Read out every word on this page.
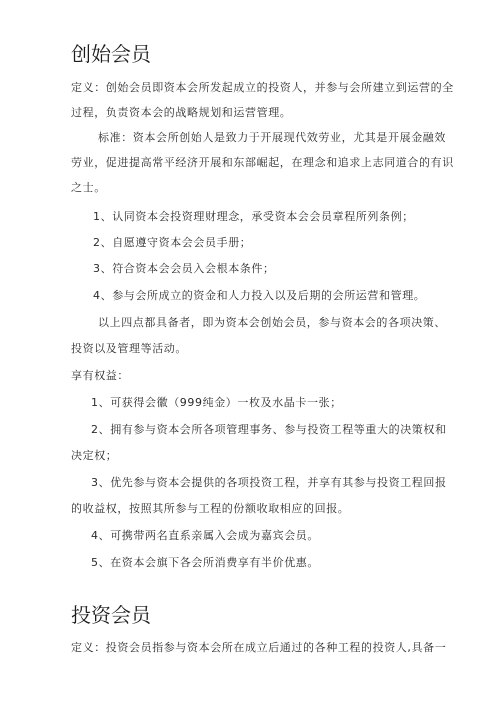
创始会员
定义：创始会员即资本会所发起成立的投资人，并参与会所建立到运营的全
过程，负责资本会的战略规划和运营管理。
标准：资本会所创始人是致力于开展现代效劳业，尤其是开展金融效
劳业，促进提高常平经济开展和东部崛起，在理念和追求上志同道合的有识
之士。
1、认同资本会投资理财理念，承受资本会会员章程所列条例；
2、自愿遵守资本会会员手册；
3、符合资本会会员入会根本条件；
4、参与会所成立的资金和人力投入以及后期的会所运营和管理。
以上四点都具备者，即为资本会创始会员，参与资本会的各项决策、
投资以及管理等活动。
享有权益：
1、可获得会徽（999纯金）一枚及水晶卡一张；
2、拥有参与资本会所各项管理事务、参与投资工程等重大的决策权和
决定权；
3、优先参与资本会提供的各项投资工程，并享有其参与投资工程回报
的收益权，按照其所参与工程的份额收取相应的回报。
4、可携带两名直系亲属入会成为嘉宾会员。
5、在资本会旗下各会所消费享有半价优惠。
投资会员
定义：投资会员指参与资本会所在成立后通过的各种工程的投资人,具备一
